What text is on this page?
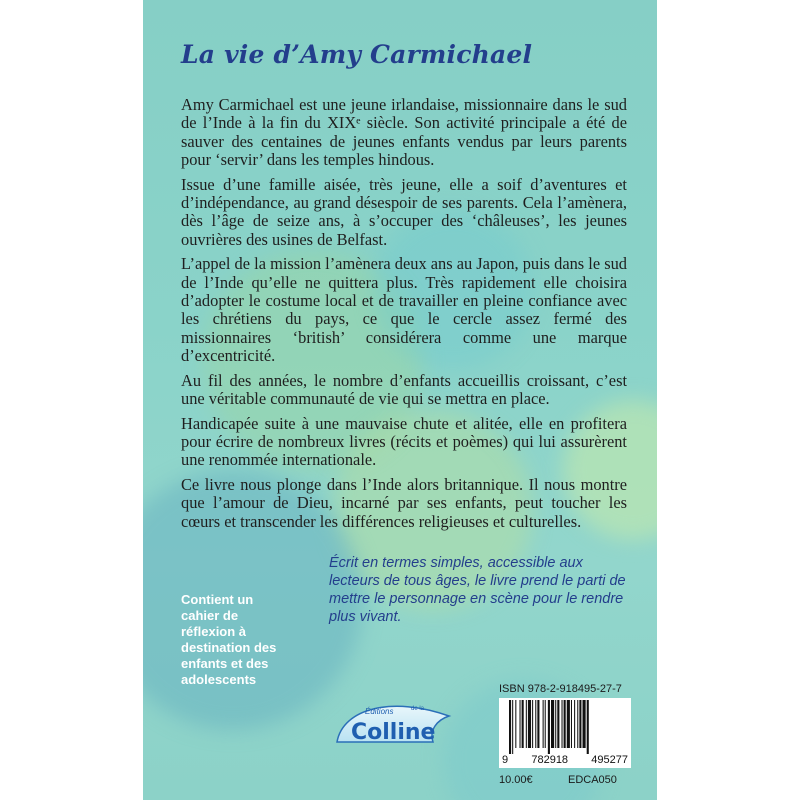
La vie d’Amy Carmichael

Amy Carmichael est une jeune irlandaise, missionnaire dans le sud de l’Inde à la fin du XIXᵉ siècle. Son activité principale a été de sauver des centaines de jeunes enfants vendus par leurs parents pour ‘servir’ dans les temples hindous.

Issue d’une famille aisée, très jeune, elle a soif d’aventures et d’indépendance, au grand désespoir de ses parents. Cela l’amènera, dès l’âge de seize ans, à s’occuper des ‘châleuses’, les jeunes ouvrières des usines de Belfast.

L’appel de la mission l’amènera deux ans au Japon, puis dans le sud de l’Inde qu’elle ne quittera plus. Très rapidement elle choisira d’adopter le costume local et de travailler en pleine confiance avec les chrétiens du pays, ce que le cercle assez fermé des missionnaires ‘british’ considérera comme une marque d’excentricité.

Au fil des années, le nombre d’enfants accueillis croissant, c’est une véritable communauté de vie qui se mettra en place.

Handicapée suite à une mauvaise chute et alitée, elle en profitera pour écrire de nombreux livres (récits et poèmes) qui lui assurèrent une renommée internationale.

Ce livre nous plonge dans l’Inde alors britannique. Il nous montre que l’amour de Dieu, incarné par ses enfants, peut toucher les cœurs et transcender les différences religieuses et culturelles.

Écrit en termes simples, accessible aux lecteurs de tous âges, le livre prend le parti de mettre le personnage en scène pour le rendre plus vivant.
Contient un cahier de réflexion à destination des enfants et des adolescents
Éditions	de la
Colline
ISBN 978-2-918495-27-7
9 782918 495277
10.00€	EDCA050
